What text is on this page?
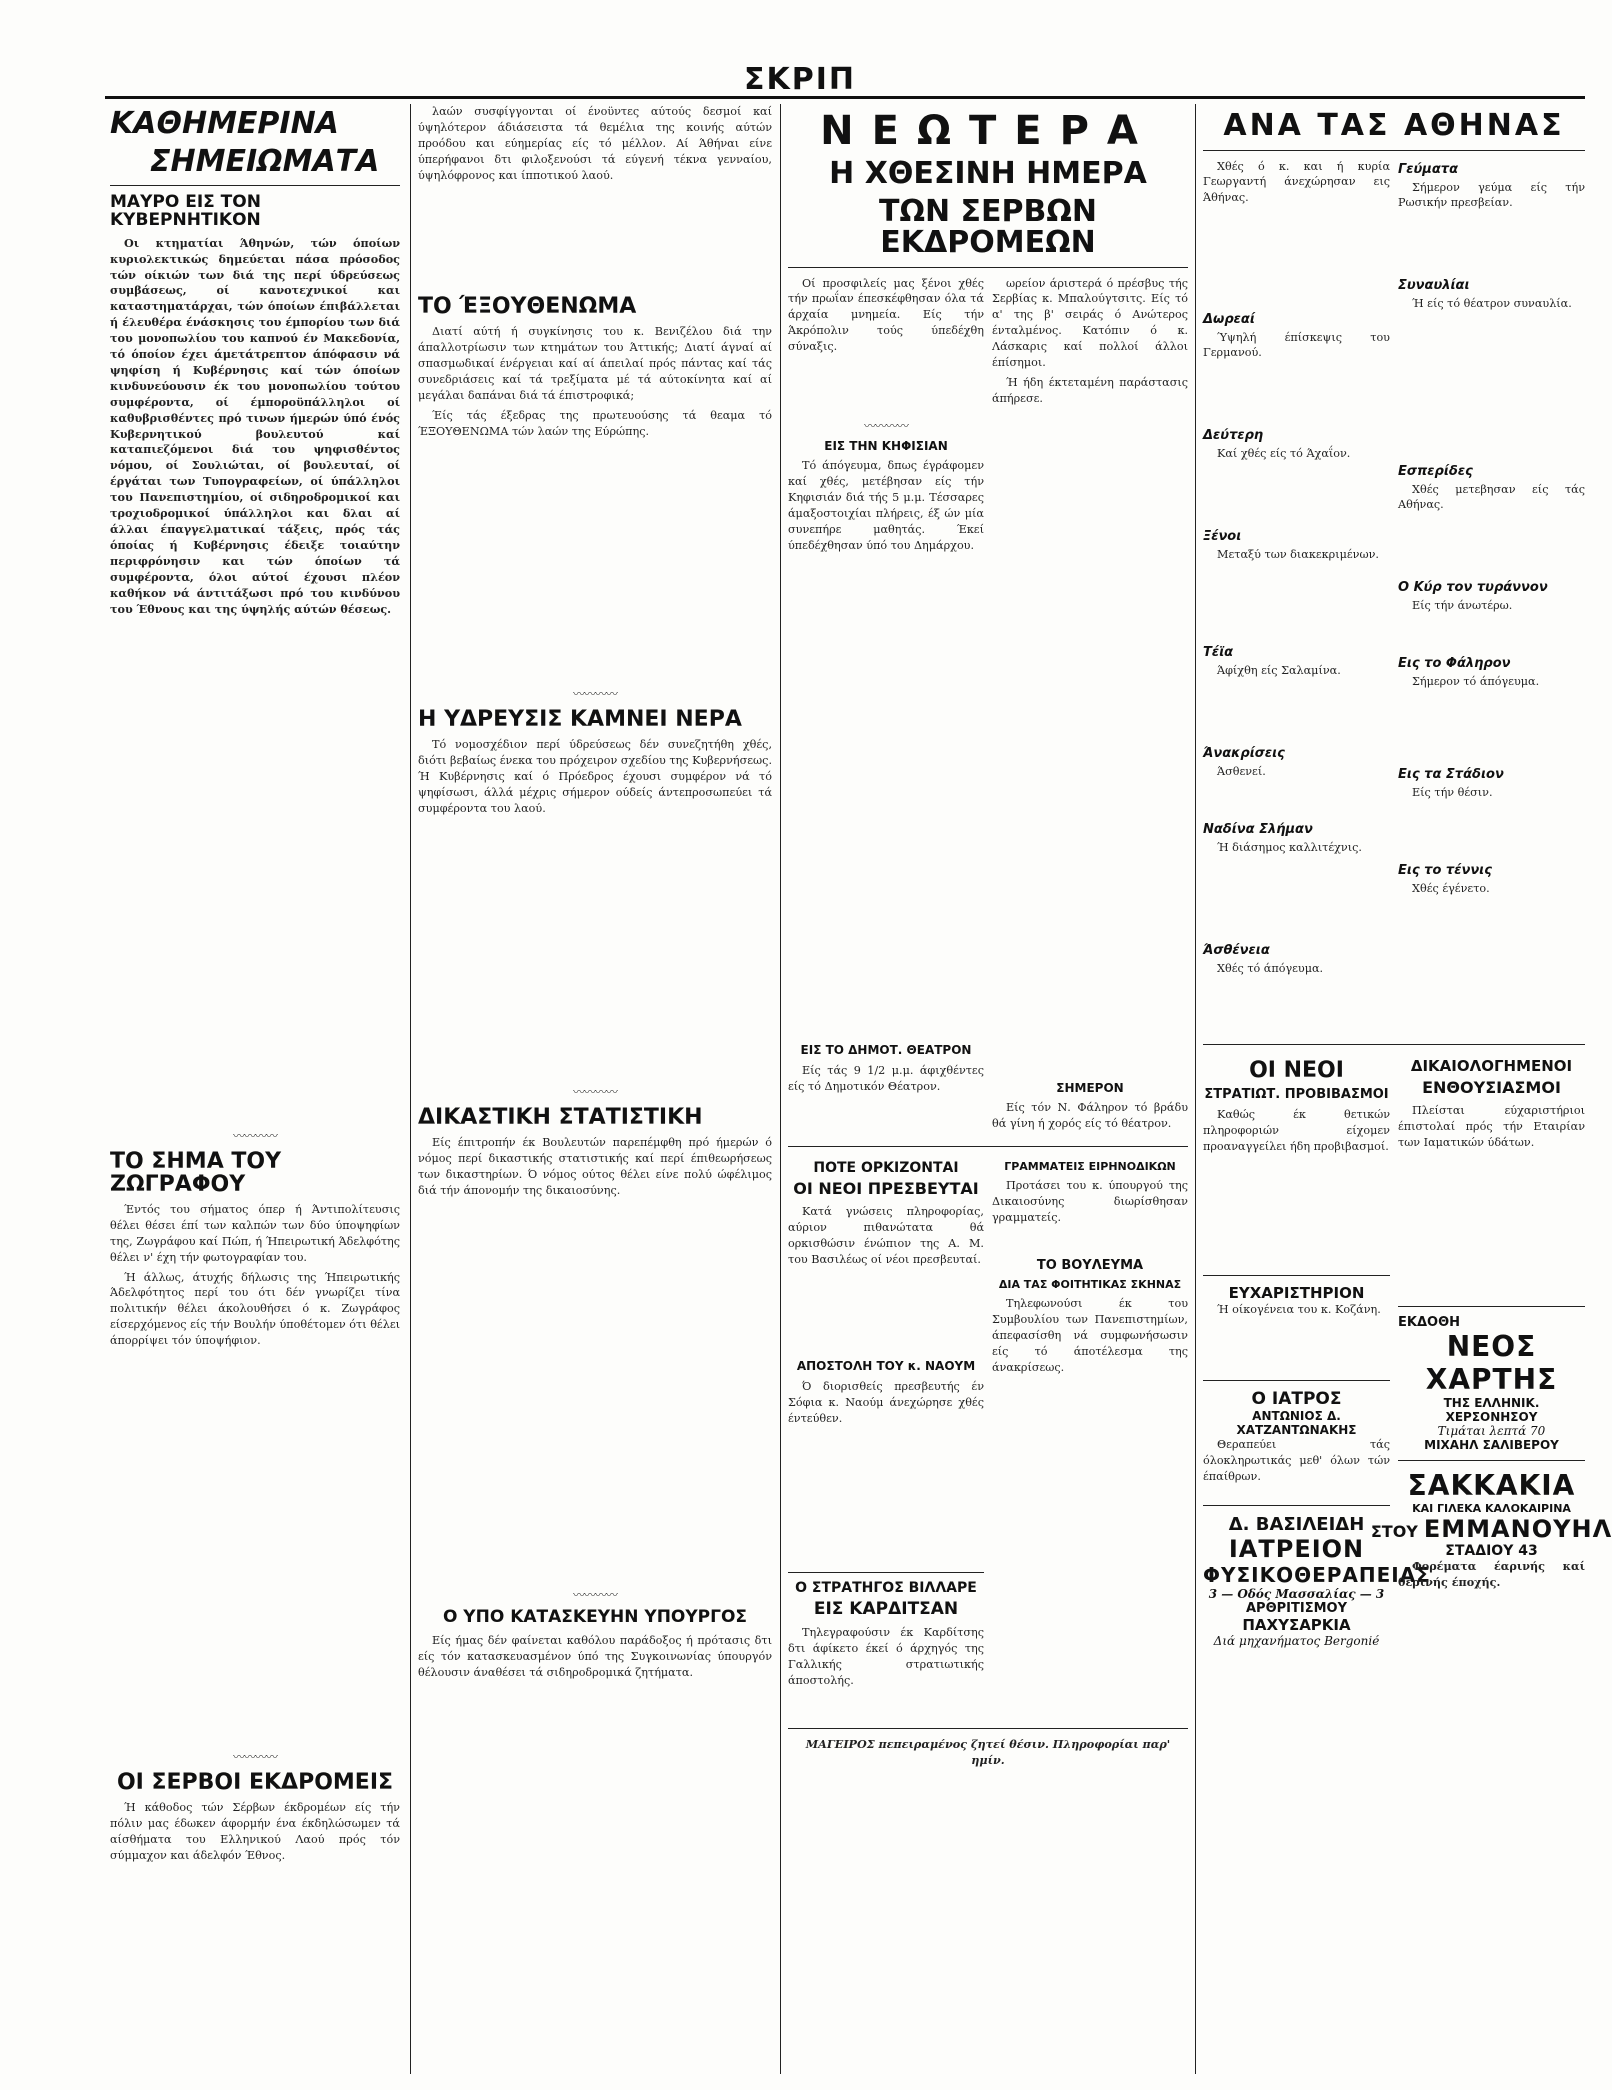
ΣΚΡΙΠ
ΚΑΘΗΜΕΡΙΝΑ
ΣΗΜΕΙΩΜΑΤΑ
ΜΑΥΡΟ ΕΙΣ ΤΟΝ ΚΥΒΕΡΝΗΤΙΚΟΝ

Οι κτηματίαι Άθηνών, τών όποίων κυριολεκτικώς δημεύεται πάσα πρόσοδος τών οίκιών των διά της περί ύδρεύσεως συμβάσεως, οί κανοτεχνικοί και καταστηματάρχαι, τών όποίων έπιβάλλεται ή έλευθέρα ένάσκησις του έμπορίου των διά του μονοπωλίου του καπνού έν Μακεδονία, τό όποίον έχει άμετάτρεπτον άπόφασιν νά ψηφίση ή Κυβέρνησις καί τών όποίων κινδυνεύουσιν έκ του μονοπωλίου τούτου συμφέροντα, οί έμποροϋπάλληλοι οί καθυβρισθέντες πρό τινων ήμερών ύπό ένός Κυβερνητικού βουλευτού καί καταπιεζόμενοι διά του ψηφισθέντος νόμου, οί Σουλιώται, οί βουλευταί, οί έργάται των Τυπογραφείων, οί ύπάλληλοι του Πανεπιστημίου, οί σιδηροδρομικοί και τροχιοδρομικοί ύπάλληλοι και δλαι αί άλλαι έπαγγελματικαί τάξεις, πρός τάς όποίας ή Κυβέρνησις έδειξε τοιαύτην περιφρόνησιν και τών όποίων τά συμφέροντα, όλοι αύτοί έχουσι πλέον καθήκον νά άντιτάξωσι πρό του κινδύνου του Έθνους και της ύψηλής αύτών θέσεως.

〰〰〰〰
ΤΟ ΣΗΜΑ ΤΟΥ ΖΩΓΡΑΦΟΥ

Έντός του σήματος όπερ ή Άντιπολίτευσις θέλει θέσει έπί των καλπών των δύο ύποψηφίων της, Ζωγράφου καί Πώπ, ή Ήπειρωτική Άδελφότης θέλει ν' έχη τήν φωτογραφίαν του.

Ή άλλως, άτυχής δήλωσις της Ήπειρωτικής Άδελφότητος περί του ότι δέν γνωρίζει τίνα πολιτικήν θέλει άκολουθήσει ό κ. Ζωγράφος είσερχόμενος είς τήν Βουλήν ύποθέτομεν ότι θέλει άπορρίψει τόν ύποψήφιον.

〰〰〰〰
ΟΙ ΣΕΡΒΟΙ ΕΚΔΡΟΜΕΙΣ

Ή κάθοδος τών Σέρβων έκδρομέων είς τήν πόλιν μας έδωκεν άφορμήν ένα έκδηλώσωμεν τά αίσθήματα του Ελληνικού Λαού πρός τόν σύμμαχον και άδελφόν Έθνος.

λαών συσφίγγονται οί ένοϋντες αύτούς δεσμοί καί ύψηλότερον άδιάσειστα τά θεμέλια της κοινής αύτών προόδου και εύημερίας είς τό μέλλον. Αί Άθήναι είνε ύπερήφανοι δτι φιλοξενούσι τά εύγενή τέκνα γενναίου, ύψηλόφρονος και ίπποτικού λαού.

ΤΟ ΈΞΟΥΘΕΝΩΜΑ

Διατί αύτή ή συγκίνησις του κ. Βενιζέλου διά την άπαλλοτρίωσιν των κτημάτων του Άττικής; Διατί άγναί αί σπασμωδικαί ένέργειαι καί αί άπειλαί πρός πάντας καί τάς συνεδριάσεις καί τά τρεξίματα μέ τά αύτοκίνητα καί αί μεγάλαι δαπάναι διά τά έπιστροφικά;

Έίς τάς έξεδρας της πρωτευούσης τά θεαμα τό ΈΞΟΥΘΕΝΩΜΑ τών λαών της Εύρώπης.

〰〰〰〰
Η ΥΔΡΕΥΣΙΣ ΚΑΜΝΕΙ ΝΕΡΑ

Τό νομοσχέδιον περί ύδρεύσεως δέν συνεζητήθη χθές, διότι βεβαίως ένεκα του πρόχειρον σχεδίου της Κυβερνήσεως. Ή Κυβέρνησις καί ό Πρόεδρος έχουσι συμφέρον νά τό ψηφίσωσι, άλλά μέχρις σήμερον ούδείς άντεπροσωπεύει τά συμφέροντα του λαού.

〰〰〰〰
ΔΙΚΑΣΤΙΚΗ ΣΤΑΤΙΣΤΙΚΗ

Είς έπιτροπήν έκ Βουλευτών παρεπέμφθη πρό ήμερών ό νόμος περί δικαστικής στατιστικής καί περί έπιθεωρήσεως των δικαστηρίων. Ό νόμος ούτος θέλει είνε πολύ ώφέλιμος διά τήν άπονομήν της δικαιοσύνης.

〰〰〰〰
Ο ΥΠΟ ΚΑΤΑΣΚΕΥΗΝ ΥΠΟΥΡΓΟΣ

Είς ήμας δέν φαίνεται καθόλου παράδοξος ή πρότασις δτι είς τόν κατασκευασμένον ύπό της Συγκοινωνίας ύπουργόν θέλουσιν άναθέσει τά σιδηροδρομικά ζητήματα.

ΝΕΩΤΕΡΑ
Η ΧΘΕΣΙΝΗ ΗΜΕΡΑ
ΤΩΝ ΣΕΡΒΩΝ ΕΚΔΡΟΜΕΩΝ

Οί προσφιλείς μας ξένοι χθές τήν πρωΐαν έπεσκέφθησαν όλα τά άρχαία μνημεία. Είς τήν Άκρόπολιν τούς ύπεδέχθη σύναξις.

〰〰〰〰
ΕΙΣ ΤΗΝ ΚΗΦΙΣΙΑΝ

Τό άπόγευμα, δπως έγράφομεν καί χθές, μετέβησαν είς τήν Κηφισιάν διά τής 5 μ.μ. Τέσσαρες άμαξοστοιχίαι πλήρεις, έξ ών μία συνεπήρε μαθητάς. Έκεί ύπεδέχθησαν ύπό του Δημάρχου.

ΕΙΣ ΤΟ ΔΗΜΟΤ. ΘΕΑΤΡΟΝ

Είς τάς 9 1/2 μ.μ. άφιχθέντες είς τό Δημοτικόν Θέατρον.

ωρείον άριστερά ό πρέσβυς τής Σερβίας κ. Μπαλούγτσιτς. Είς τό α' της β' σειράς ό Ανώτερος ένταλμένος. Κατόπιν ό κ. Λάσκαρις καί πολλοί άλλοι έπίσημοι.

Ή ήδη έκτεταμένη παράστασις άπήρεσε.

ΣΗΜΕΡΟΝ

Είς τόν Ν. Φάληρον τό βράδυ θά γίνη ή χορός είς τό θέατρον.

ΠΟΤΕ ΟΡΚΙΖΟΝΤΑΙ
ΟΙ ΝΕΟΙ ΠΡΕΣΒΕΥΤΑΙ

Κατά γνώσεις πληροφορίας, αύριον πιθανώτατα θά ορκισθώσιν ένώπιον της Α. Μ. του Βασιλέως οί νέοι πρεσβευταί.

ΑΠΟΣΤΟΛΗ ΤΟΥ κ. ΝΑΟΥΜ

Ό διορισθείς πρεσβευτής έν Σόφια κ. Ναούμ άνεχώρησε χθές έντεύθεν.

Ο ΣΤΡΑΤΗΓΟΣ ΒΙΛΛΑΡΕ
ΕΙΣ ΚΑΡΔΙΤΣΑΝ

Τηλεγραφούσιν έκ Καρδίτσης δτι άφίκετο έκεί ό άρχηγός της Γαλλικής στρατιωτικής άποστολής.

ΓΡΑΜΜΑΤΕΙΣ ΕΙΡΗΝΟΔΙΚΩΝ

Προτάσει του κ. ύπουργού της Δικαιοσύνης διωρίσθησαν γραμματείς.

ΤΟ ΒΟΥΛΕΥΜΑ
ΔΙΑ ΤΑΣ ΦΟΙΤΗΤΙΚΑΣ ΣΚΗΝΑΣ

Τηλεφωνούσι έκ του Συμβουλίου των Πανεπιστημίων, άπεφασίσθη νά συμφωνήσωσιν είς τό άποτέλεσμα της άνακρίσεως.

ΜΑΓΕΙΡΟΣ πεπειραμένος ζητεί θέσιν. Πληροφορίαι παρ' ημίν.
ΑΝΑ ΤΑΣ ΑΘΗΝΑΣ

Χθές ό κ. και ή κυρία Γεωργαντή άνεχώρησαν εις Άθήνας.

Δωρεαί

Ύψηλή έπίσκεψις του Γερμανού.

Δεύτερη

Καί χθές είς τό Άχαΐον.

Ξένοι

Μεταξύ των διακεκριμένων.

Τέϊα

Άφίχθη είς Σαλαμίνα.

Άνακρίσεις

Άσθενεί.

Ναδίνα Σλήμαν

Ή διάσημος καλλιτέχνις.

Άσθένεια

Χθές τό άπόγευμα.

Γεύματα

Σήμερον γεύμα είς τήν Ρωσικήν πρεσβείαν.

Συναυλίαι

Ή είς τό θέατρον συναυλία.

Εσπερίδες

Χθές μετεβησαν είς τάς Αθήνας.

Ο Κύρ τον τυράννον

Είς τήν άνωτέρω.

Εις το Φάληρον

Σήμερον τό άπόγευμα.

Εις τα Στάδιον

Είς τήν θέσιν.

Εις το τέννις

Χθές έγένετο.

ΟΙ ΝΕΟΙ
ΣΤΡΑΤΙΩΤ. ΠΡΟΒΙΒΑΣΜΟΙ

Καθώς έκ θετικών πληροφοριών είχομεν προαναγγείλει ήδη προβιβασμοί.

ΕΥΧΑΡΙΣΤΗΡΙΟΝ

Ή οίκογένεια του κ. Κοζάνη.

Ο ΙΑΤΡΟΣ
ΑΝΤΩΝΙΟΣ Δ. ΧΑΤΖΑΝΤΩΝΑΚΗΣ

Θεραπεύει τάς όλοκληρωτικάς μεθ' όλων τών έπαίθρων.

Δ. ΒΑΣΙΛΕΙΔΗ
ΙΑΤΡΕΙΟΝ
ΦΥΣΙΚΟΘΕΡΑΠΕΙΑΣ
3 — Οδός Μασσαλίας — 3
ΑΡΘΡΙΤΙΣΜΟΥ
ΠΑΧΥΣΑΡΚΙΑ
Διά μηχανήματος Bergonié
ΔΙΚΑΙΟΛΟΓΗΜΕΝΟΙ
ΕΝΘΟΥΣΙΑΣΜΟΙ

Πλείσται εύχαριστήριοι έπιστολαί πρός τήν Εταιρίαν των Ιαματικών ύδάτων.

ΕΚΔΟΘΗ
ΝΕΟΣ ΧΑΡΤΗΣ
ΤΗΣ ΕΛΛΗΝΙΚ. ΧΕΡΣΟΝΗΣΟΥ
Τιμάται λεπτά 70
ΜΙΧΑΗΛ ΣΑΛΙΒΕΡΟΥ
ΣΑΚΚΑΚΙΑ
ΚΑΙ ΓΙΛΕΚΑ ΚΑΛΟΚΑΙΡΙΝΑ
ΣΤΟΥ ΕΜΜΑΝΟΥΗΛ
ΣΤΑΔΙΟΥ 43

Φορέματα έαρινής καί θερινής έποχής.
